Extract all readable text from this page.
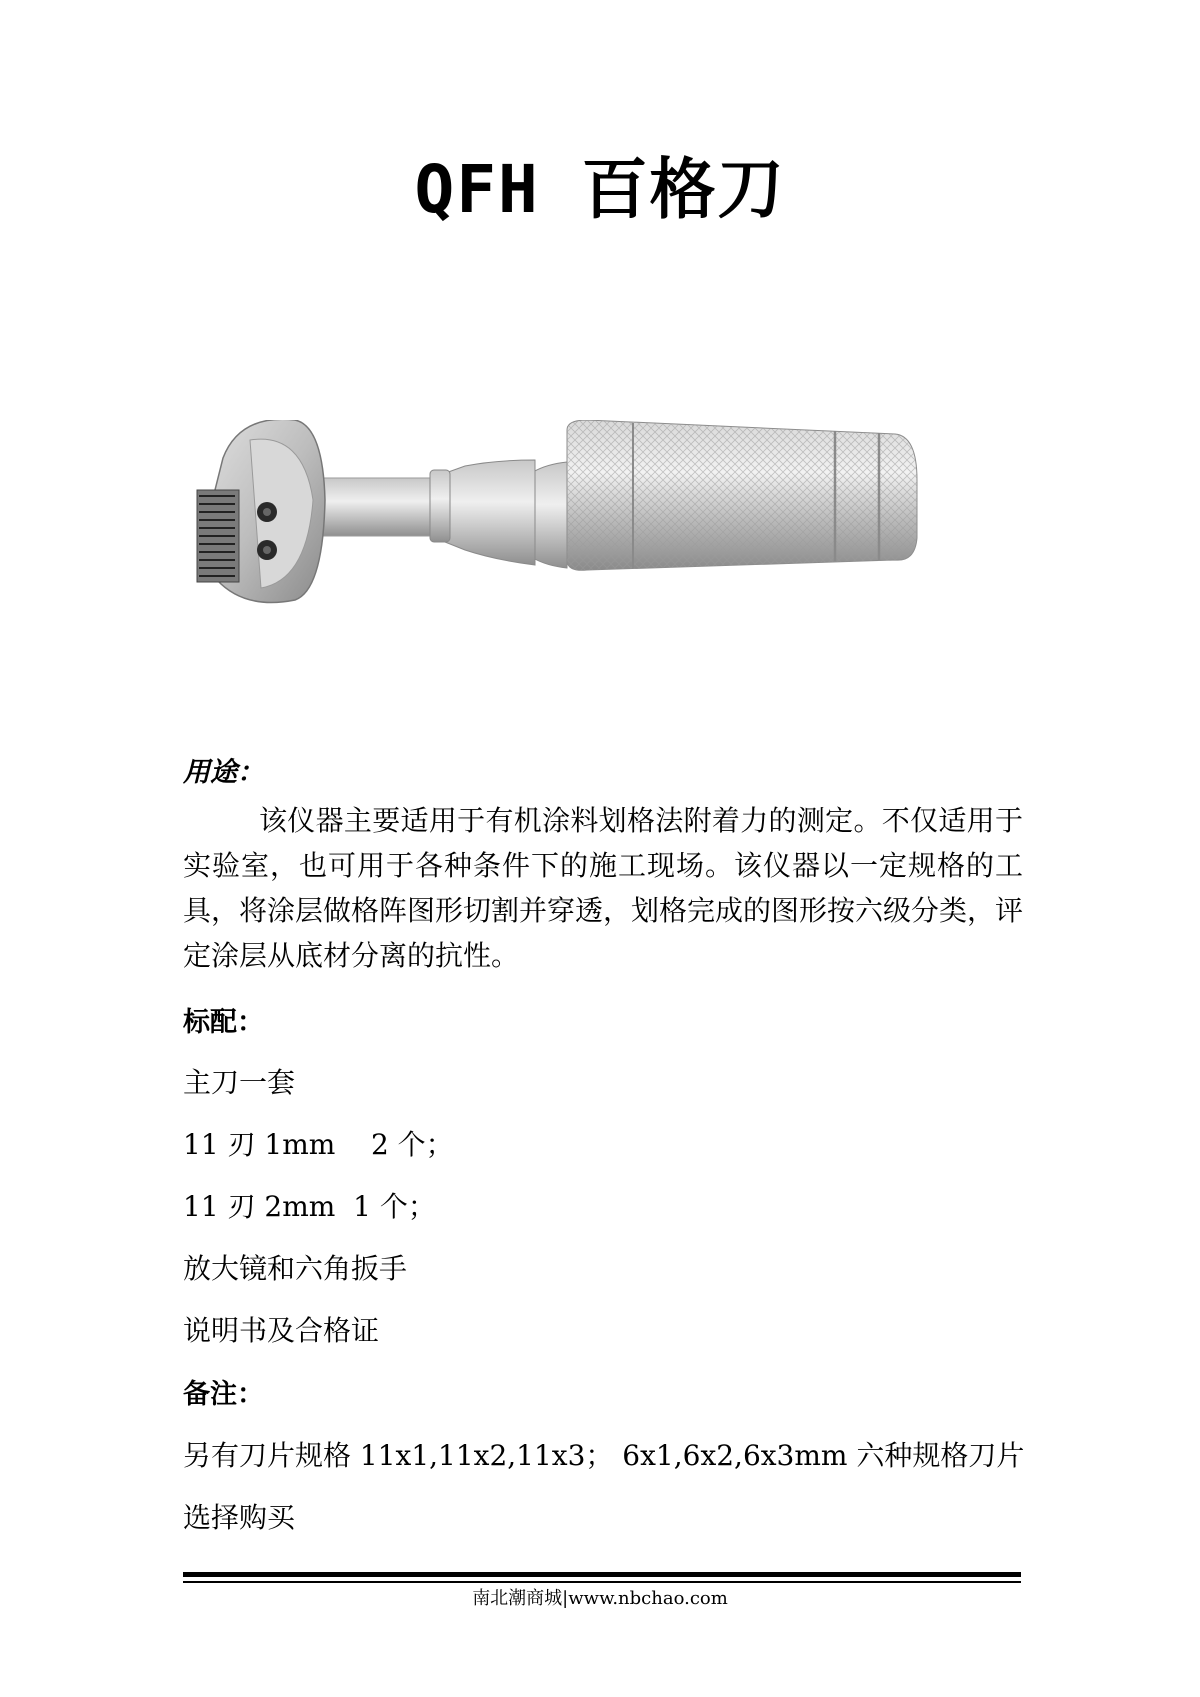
QFH 百格刀
用途：
该仪器主要适用于有机涂料划格法附着力的测定。不仅适用于实验室，也可用于各种条件下的施工现场。该仪器以一定规格的工具，将涂层做格阵图形切割并穿透，划格完成的图形按六级分类，评定涂层从底材分离的抗性。
标配：
主刀一套
11 刃 1mm    2 个；
11 刃 2mm  1 个；
放大镜和六角扳手
说明书及合格证
备注：
另有刀片规格 11x1,11x2,11x3； 6x1,6x2,6x3mm 六种规格刀片
选择购买
南北潮商城|www.nbchao.com
